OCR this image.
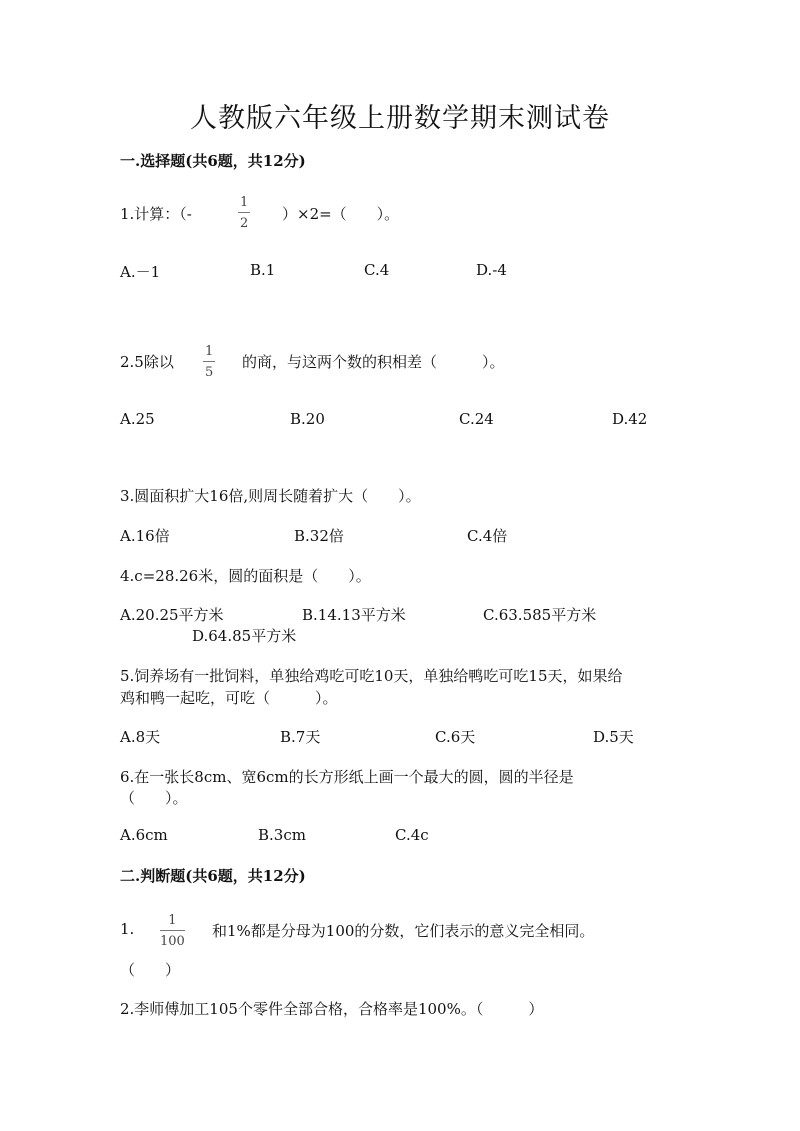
人教版六年级上册数学期末测试卷
一.选择题(共6题，共12分)
1.计算：（-
1
2
）×2=（　　）。
A.－1	B.1	C.4	D.-4
2.5除以
1
5
的商，与这两个数的积相差（　　　）。
A.25	B.20	C.24	D.42
3.圆面积扩大16倍,则周长随着扩大（　　）。
A.16倍	B.32倍	C.4倍
4.c=28.26米，圆的面积是（　　）。
A.20.25平方米	B.14.13平方米	C.63.585平方米
D.64.85平方米
5.饲养场有一批饲料，单独给鸡吃可吃10天，单独给鸭吃可吃15天，如果给
鸡和鸭一起吃，可吃（　　　）。
A.8天	B.7天	C.6天	D.5天
6.在一张长8cm、宽6cm的长方形纸上画一个最大的圆，圆的半径是
（　　）。
A.6cm	B.3cm	C.4c
二.判断题(共6题，共12分)
1.	1
100
和1%都是分母为100的分数，它们表示的意义完全相同。
（　　）
2.李师傅加工105个零件全部合格，合格率是100%。（　　　）
